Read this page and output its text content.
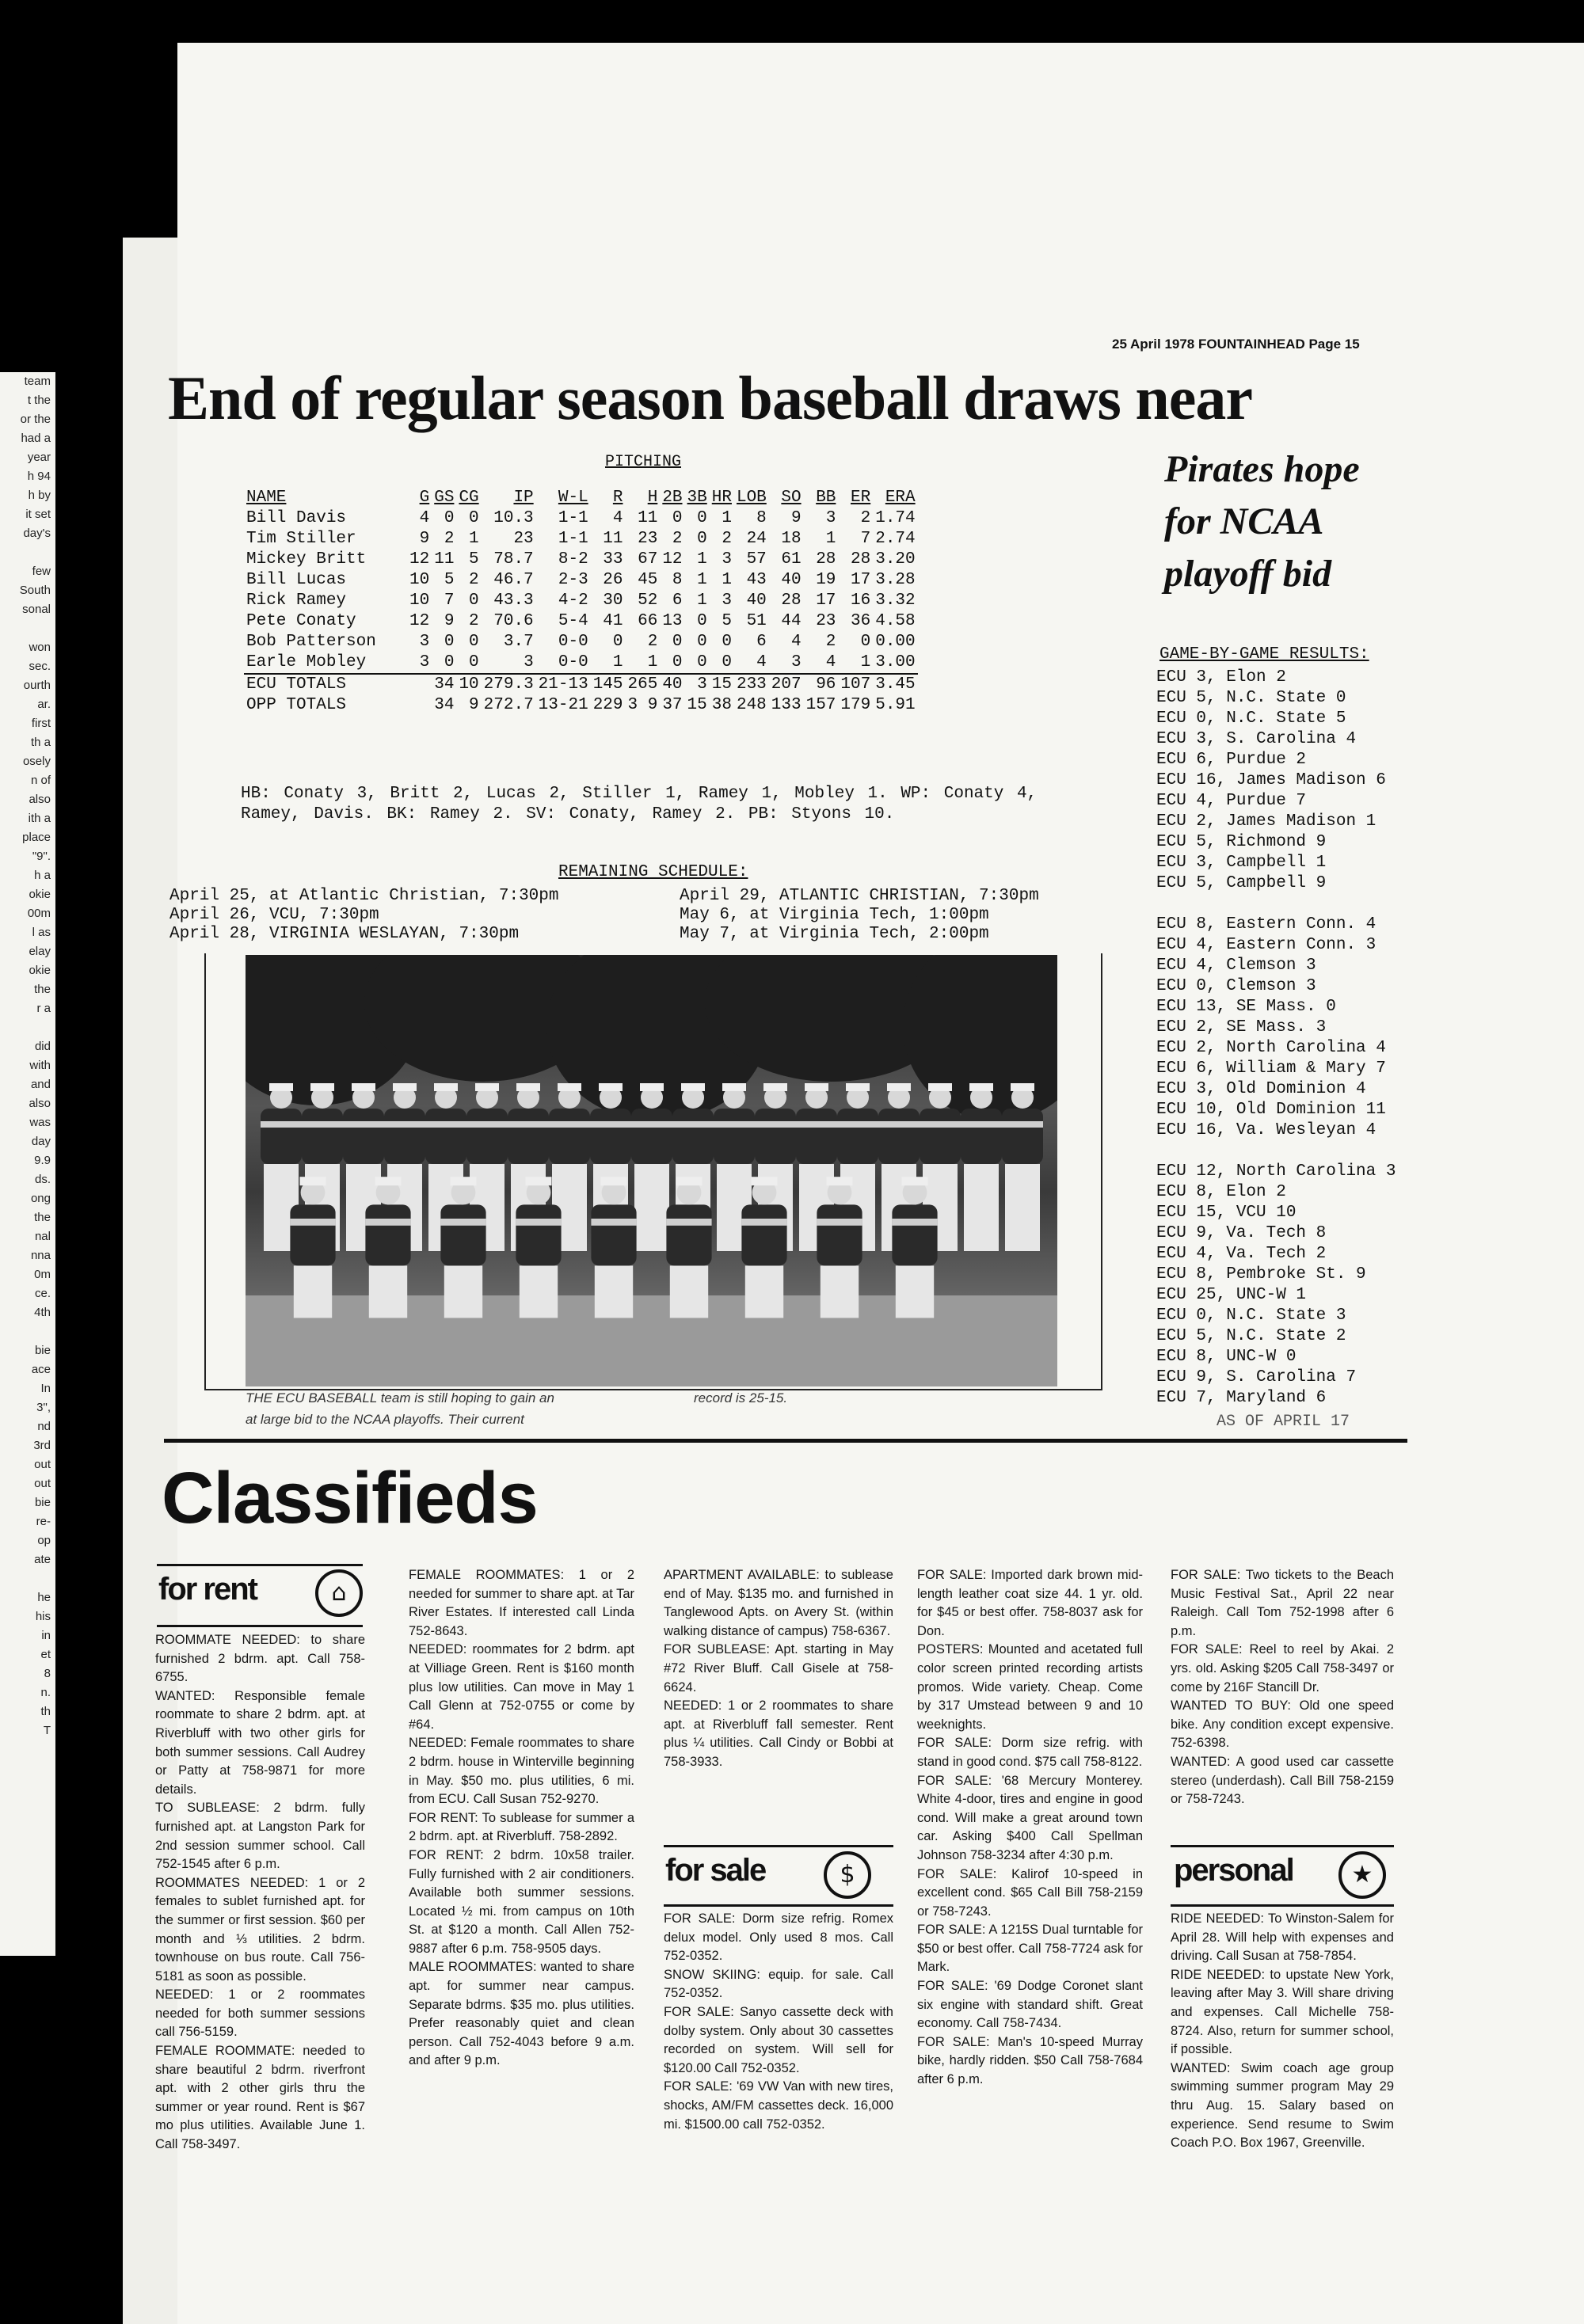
team
t the
or the
had a
year
h 94
h by
it set
day's
few
South
sonal
won
sec.
ourth
ar.
first
th a
osely
n of
also
ith a
place
"9".
h a
okie
00m
l as
elay
okie
the
r a
did
with
and
also
was
day
9.9
ds.
ong
the
nal
nna
0m
ce.
4th
bie
ace
In
3",
nd
3rd
out
out
bie
re-
op
ate
he
his
in
et
8
n.
th
T
25 April 1978 FOUNTAINHEAD Page 15
End of regular season baseball draws near
Pirates hope
for NCAA
playoff bid
PITCHING
NAME	G	GS	CG	IP	W-L	R	H	2B	3B	HR	LOB	SO	BB	ER	ERA
Bill Davis	4	0	0	10.3	1-1	4	11	0	0	1	8	9	3	2	1.74
Tim Stiller	9	2	1	23	1-1	11	23	2	0	2	24	18	1	7	2.74
Mickey Britt	12	11	5	78.7	8-2	33	67	12	1	3	57	61	28	28	3.20
Bill Lucas	10	5	2	46.7	2-3	26	45	8	1	1	43	40	19	17	3.28
Rick Ramey	10	7	0	43.3	4-2	30	52	6	1	3	40	28	17	16	3.32
Pete Conaty	12	9	2	70.6	5-4	41	66	13	0	5	51	44	23	36	4.58
Bob Patterson	3	0	0	3.7	0-0	0	2	0	0	0	6	4	2	0	0.00
Earle Mobley	3	0	0	3	0-0	1	1	0	0	0	4	3	4	1	3.00
ECU TOTALS		34	10	279.3	21-13	145	265	40	3	15	233	207	96	107	3.45
OPP TOTALS		34	9	272.7	13-21	229	3 9	37	15	38	248	133	157	179	5.91
HB: Conaty 3, Britt 2, Lucas 2, Stiller 1, Ramey 1, Mobley 1. WP: Conaty 4, Ramey, Davis. BK: Ramey 2. SV: Conaty, Ramey 2. PB: Styons 10.
REMAINING SCHEDULE:
April 25, at Atlantic Christian, 7:30pm
April 26, VCU, 7:30pm
April 28, VIRGINIA WESLAYAN, 7:30pm
April 29, ATLANTIC CHRISTIAN, 7:30pm
May 6, at Virginia Tech, 1:00pm
May 7, at Virginia Tech, 2:00pm
THE ECU BASEBALL team is still hoping to gain an
at large bid to the NCAA playoffs. Their current
record is 25-15.
GAME-BY-GAME RESULTS:
ECU 3, Elon 2
ECU 5, N.C. State 0
ECU 0, N.C. State 5
ECU 3, S. Carolina 4
ECU 6, Purdue 2
ECU 16, James Madison 6
ECU 4, Purdue 7
ECU 2, James Madison 1
ECU 5, Richmond 9
ECU 3, Campbell 1
ECU 5, Campbell 9
ECU 8, Eastern Conn. 4
ECU 4, Eastern Conn. 3
ECU 4, Clemson 3
ECU 0, Clemson 3
ECU 13, SE Mass. 0
ECU 2, SE Mass. 3
ECU 2, North Carolina 4
ECU 6, William & Mary 7
ECU 3, Old Dominion 4
ECU 10, Old Dominion 11
ECU 16, Va. Wesleyan 4
ECU 12, North Carolina 3
ECU 8, Elon 2
ECU 15, VCU 10
ECU 9, Va. Tech 8
ECU 4, Va. Tech 2
ECU 8, Pembroke St. 9
ECU 25, UNC-W 1
ECU 0, N.C. State 3
ECU 5, N.C. State 2
ECU 8, UNC-W 0
ECU 9, S. Carolina 7
ECU 7, Maryland 6
AS OF APRIL 17
Classifieds
for rent	⌂

ROOMMATE NEEDED: to share furnished 2 bdrm. apt. Call 758-6755.

WANTED: Responsible female roommate to share 2 bdrm. apt. at Riverbluff with two other girls for both summer sessions. Call Audrey or Patty at 758-9871 for more details.

TO SUBLEASE: 2 bdrm. fully furnished apt. at Langston Park for 2nd session summer school. Call 752-1545 after 6 p.m.

ROOMMATES NEEDED: 1 or 2 females to sublet furnished apt. for the summer or first session. $60 per month and ⅓ utilities. 2 bdrm. townhouse on bus route. Call 756-5181 as soon as possible.

NEEDED: 1 or 2 roommates needed for both summer sessions call 756-5159.

FEMALE ROOMMATE: needed to share beautiful 2 bdrm. riverfront apt. with 2 other girls thru the summer or year round. Rent is $67 mo plus utilities. Available June 1. Call 758-3497.

FEMALE ROOMMATES: 1 or 2 needed for summer to share apt. at Tar River Estates. If interested call Linda 752-8643.

NEEDED: roommates for 2 bdrm. apt at Villiage Green. Rent is $160 month plus low utilities. Can move in May 1 Call Glenn at 752-0755 or come by #64.

NEEDED: Female roommates to share 2 bdrm. house in Winterville beginning in May. $50 mo. plus utilities, 6 mi. from ECU. Call Susan 752-9270.

FOR RENT: To sublease for summer a 2 bdrm. apt. at Riverbluff. 758-2892.

FOR RENT: 2 bdrm. 10x58 trailer. Fully furnished with 2 air conditioners. Available both summer sessions. Located ½ mi. from campus on 10th St. at $120 a month. Call Allen 752-9887 after 6 p.m. 758-9505 days.

MALE ROOMMATES: wanted to share apt. for summer near campus. Separate bdrms. $35 mo. plus utilities. Prefer reasonably quiet and clean person. Call 752-4043 before 9 a.m. and after 9 p.m.

APARTMENT AVAILABLE: to sublease end of May. $135 mo. and furnished in Tanglewood Apts. on Avery St. (within walking distance of campus) 758-6367.

FOR SUBLEASE: Apt. starting in May #72 River Bluff. Call Gisele at 758-6624.

NEEDED: 1 or 2 roommates to share apt. at Riverbluff fall semester. Rent plus ¼ utilities. Call Cindy or Bobbi at 758-3933.

for sale	$

FOR SALE: Dorm size refrig. Romex delux model. Only used 8 mos. Call 752-0352.

SNOW SKIING: equip. for sale. Call 752-0352.

FOR SALE: Sanyo cassette deck with dolby system. Only about 30 cassettes recorded on system. Will sell for $120.00 Call 752-0352.

FOR SALE: '69 VW Van with new tires, shocks, AM/FM cassettes deck. 16,000 mi. $1500.00 call 752-0352.

FOR SALE: Imported dark brown mid-length leather coat size 44. 1 yr. old. for $45 or best offer. 758-8037 ask for Don.

POSTERS: Mounted and acetated full color screen printed recording artists promos. Wide variety. Cheap. Come by 317 Umstead between 9 and 10 weeknights.

FOR SALE: Dorm size refrig. with stand in good cond. $75 call 758-8122.

FOR SALE: '68 Mercury Monterey. White 4-door, tires and engine in good cond. Will make a great around town car. Asking $400 Call Spellman Johnson 758-3234 after 4:30 p.m.

FOR SALE: Kalirof 10-speed in excellent cond. $65 Call Bill 758-2159 or 758-7243.

FOR SALE: A 1215S Dual turntable for $50 or best offer. Call 758-7724 ask for Mark.

FOR SALE: '69 Dodge Coronet slant six engine with standard shift. Great economy. Call 758-7434.

FOR SALE: Man's 10-speed Murray bike, hardly ridden. $50 Call 758-7684 after 6 p.m.

FOR SALE: Two tickets to the Beach Music Festival Sat., April 22 near Raleigh. Call Tom 752-1998 after 6 p.m.

FOR SALE: Reel to reel by Akai. 2 yrs. old. Asking $205 Call 758-3497 or come by 216F Stancill Dr.

WANTED TO BUY: Old one speed bike. Any condition except expensive. 752-6398.

WANTED: A good used car cassette stereo (underdash). Call Bill 758-2159 or 758-7243.

personal	★

RIDE NEEDED: To Winston-Salem for April 28. Will help with expenses and driving. Call Susan at 758-7854.

RIDE NEEDED: to upstate New York, leaving after May 3. Will share driving and expenses. Call Michelle 758-8724. Also, return for summer school, if possible.

WANTED: Swim coach age group swimming summer program May 29 thru Aug. 15. Salary based on experience. Send resume to Swim Coach P.O. Box 1967, Greenville.
